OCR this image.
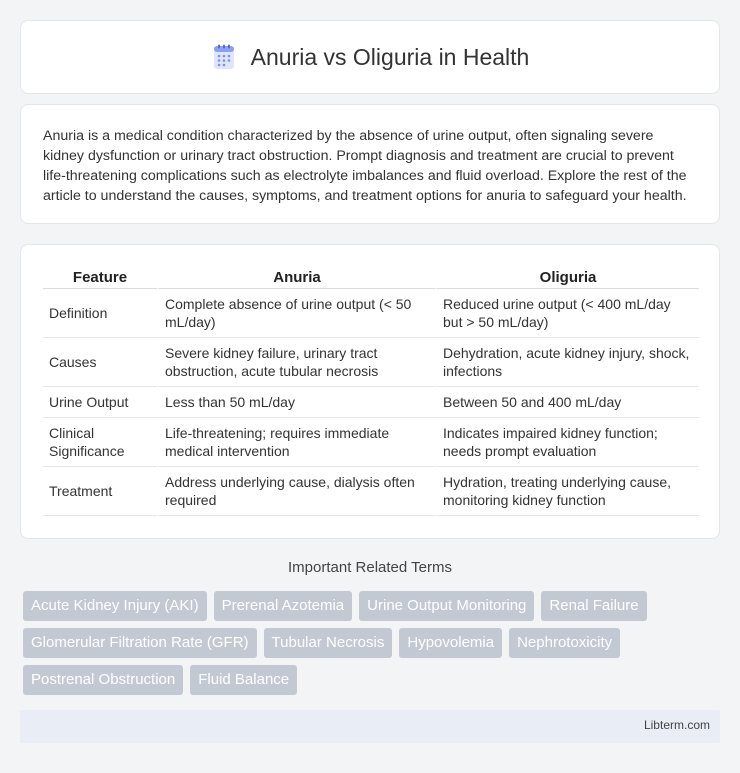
Anuria vs Oliguria in Health

Anuria is a medical condition characterized by the absence of urine output, often signaling severe kidney dysfunction or urinary tract obstruction. Prompt diagnosis and treatment are crucial to prevent life-threatening complications such as electrolyte imbalances and fluid overload. Explore the rest of the article to understand the causes, symptoms, and treatment options for anuria to safeguard your health.

Feature	Anuria	Oliguria
Definition	Complete absence of urine output (< 50 mL/day)	Reduced urine output (< 400 mL/day but > 50 mL/day)
Causes	Severe kidney failure, urinary tract obstruction, acute tubular necrosis	Dehydration, acute kidney injury, shock, infections
Urine Output	Less than 50 mL/day	Between 50 and 400 mL/day
Clinical Significance	Life-threatening; requires immediate medical intervention	Indicates impaired kidney function; needs prompt evaluation
Treatment	Address underlying cause, dialysis often required	Hydration, treating underlying cause, monitoring kidney function
Important Related Terms
Acute Kidney Injury (AKI)	Prerenal Azotemia	Urine Output Monitoring	Renal Failure
Glomerular Filtration Rate (GFR)	Tubular Necrosis	Hypovolemia	Nephrotoxicity
Postrenal Obstruction	Fluid Balance
Libterm.com
